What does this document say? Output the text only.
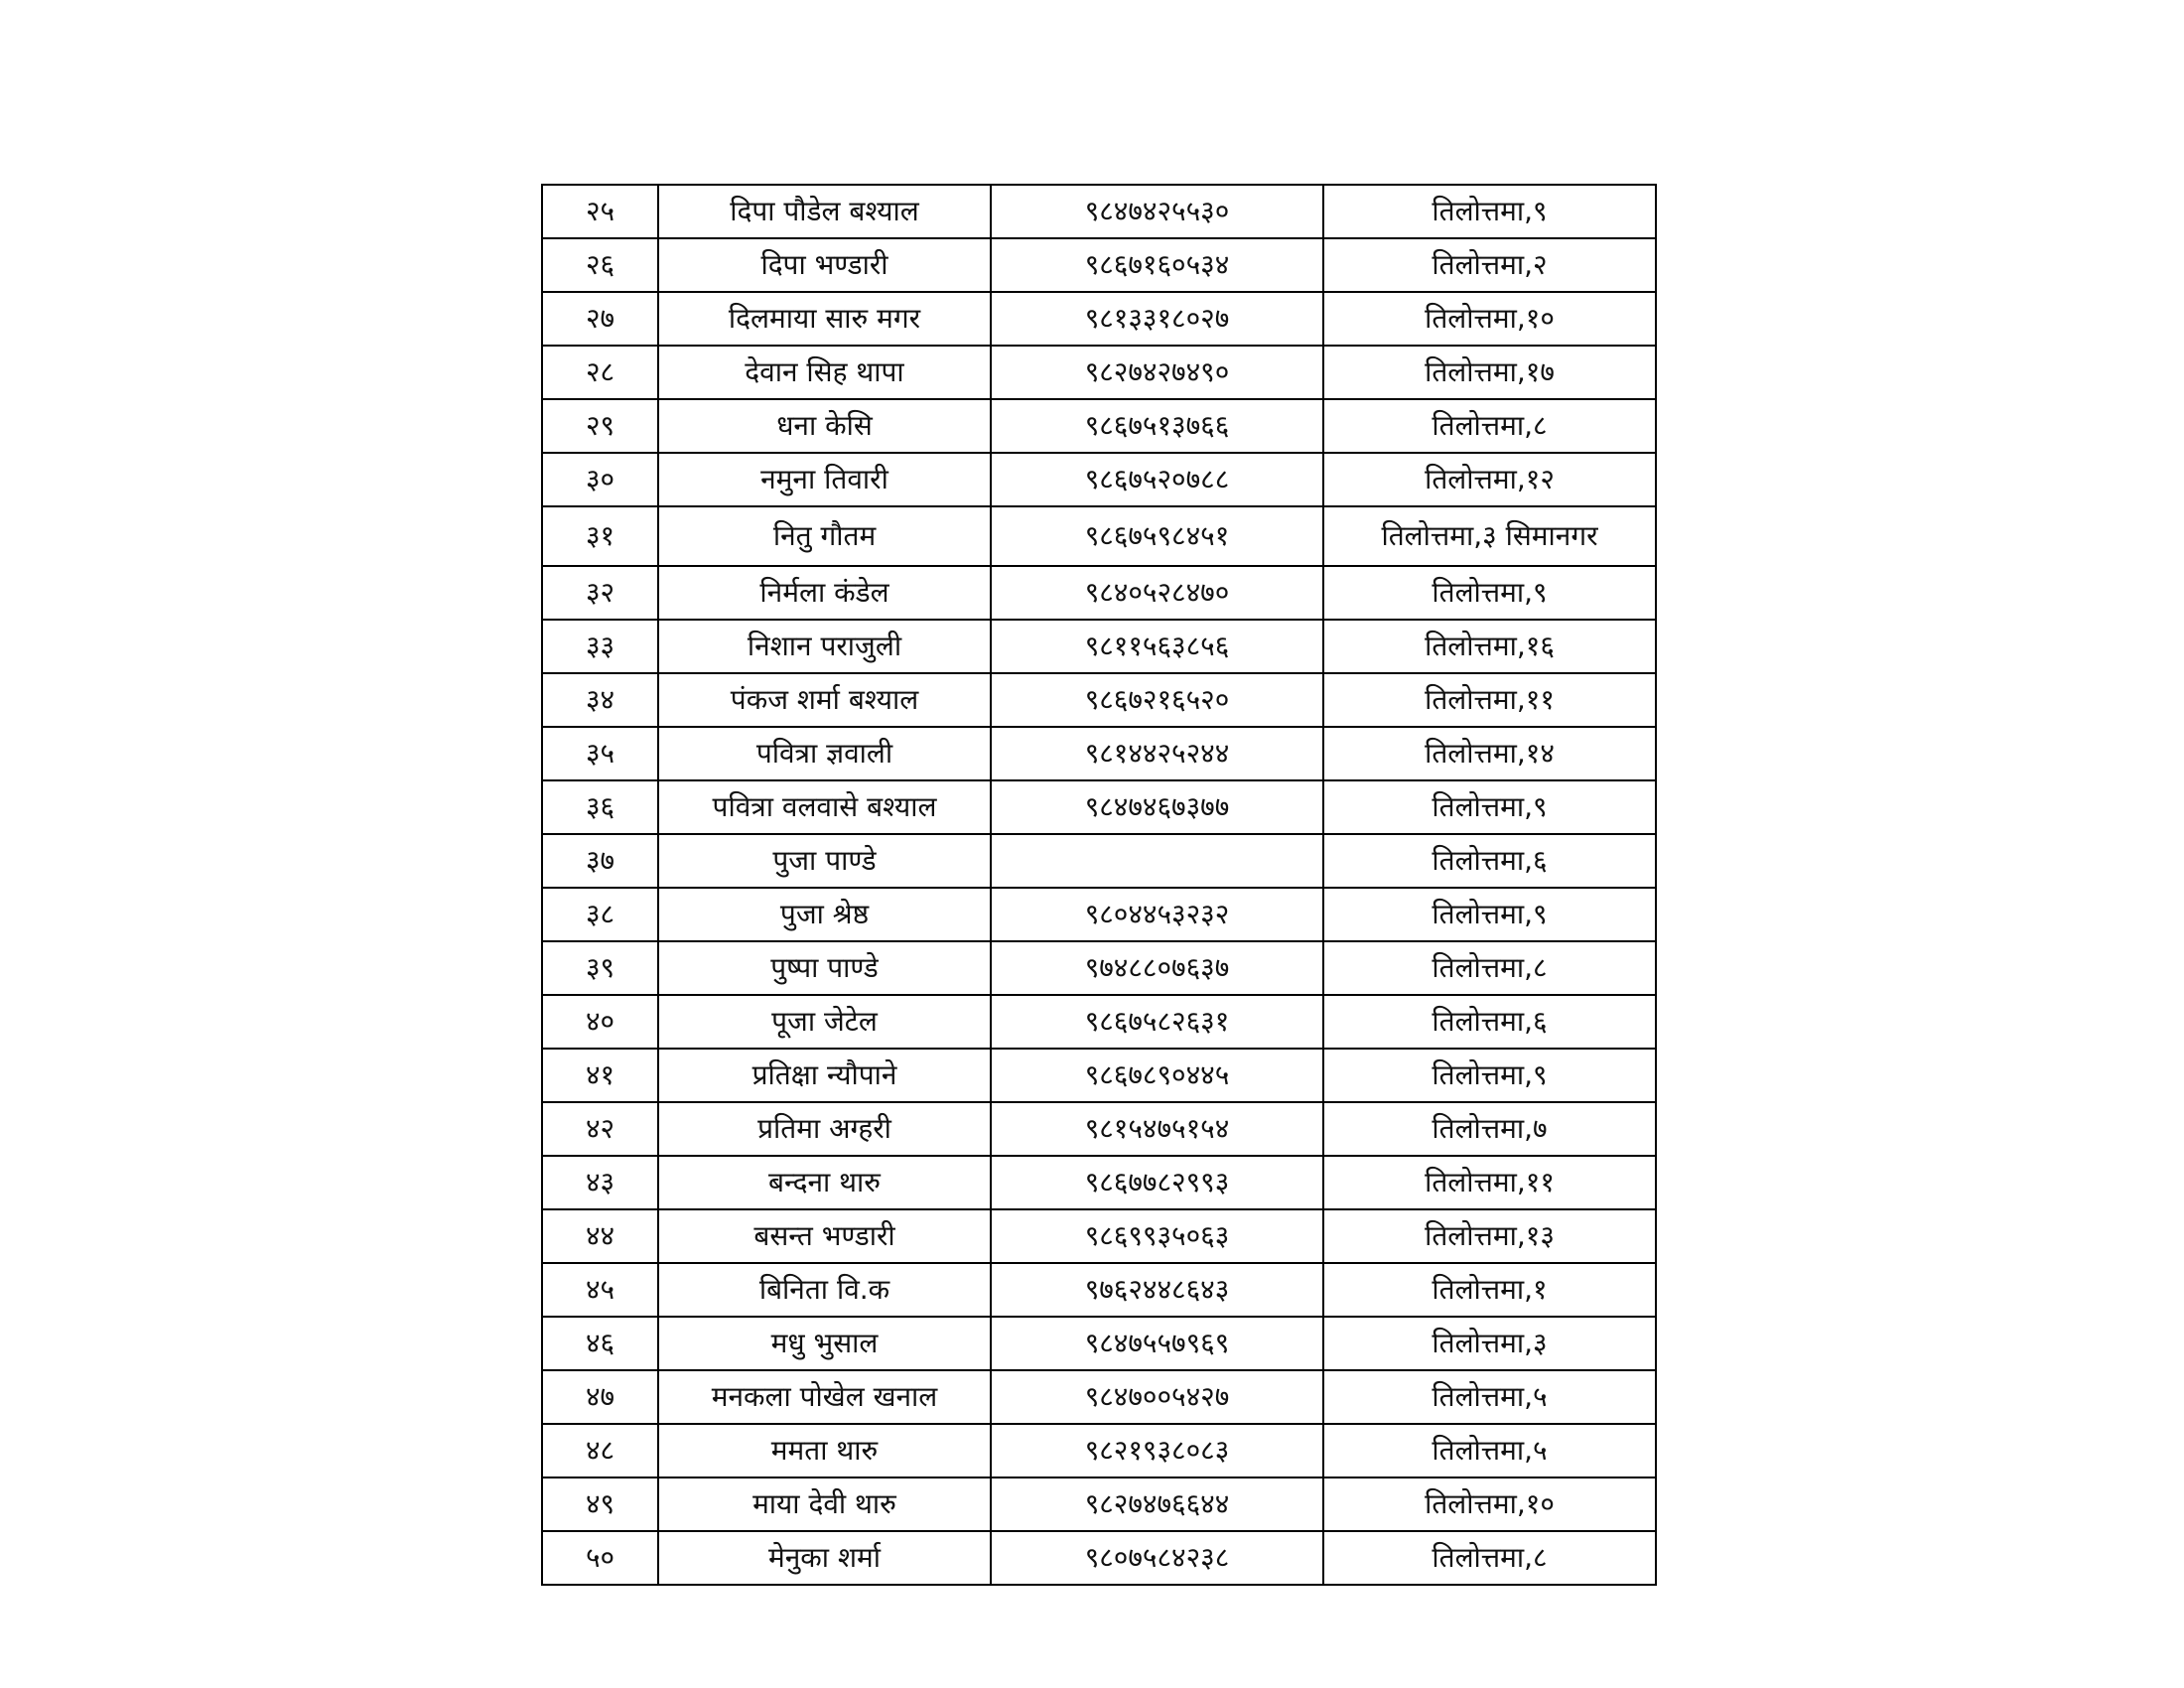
२५	दिपा पौडेल बश्याल	९८४७४२५५३०	तिलोत्तमा,९
२६	दिपा भण्डारी	९८६७१६०५३४	तिलोत्तमा,२
२७	दिलमाया सारु मगर	९८१३३१८०२७	तिलोत्तमा,१०
२८	देवान सिह थापा	९८२७४२७४९०	तिलोत्तमा,१७
२९	धना केसि	९८६७५१३७६६	तिलोत्तमा,८
३०	नमुना तिवारी	९८६७५२०७८८	तिलोत्तमा,१२
३१	नितु गौतम	९८६७५९८४५१	तिलोत्तमा,३ सिमानगर
३२	निर्मला कंडेल	९८४०५२८४७०	तिलोत्तमा,९
३३	निशान पराजुली	९८११५६३८५६	तिलोत्तमा,१६
३४	पंकज शर्मा बश्याल	९८६७२१६५२०	तिलोत्तमा,११
३५	पवित्रा ज्ञवाली	९८१४४२५२४४	तिलोत्तमा,१४
३६	पवित्रा वलवासे बश्याल	९८४७४६७३७७	तिलोत्तमा,९
३७	पुजा पाण्डे		तिलोत्तमा,६
३८	पुजा श्रेष्ठ	९८०४४५३२३२	तिलोत्तमा,९
३९	पुष्पा पाण्डे	९७४८८०७६३७	तिलोत्तमा,८
४०	पूजा जेटेल	९८६७५८२६३१	तिलोत्तमा,६
४१	प्रतिक्षा न्यौपाने	९८६७८९०४४५	तिलोत्तमा,९
४२	प्रतिमा अग्हरी	९८१५४७५१५४	तिलोत्तमा,७
४३	बन्दना थारु	९८६७७८२९९३	तिलोत्तमा,११
४४	बसन्त भण्डारी	९८६९९३५०६३	तिलोत्तमा,१३
४५	बिनिता वि.क	९७६२४४८६४३	तिलोत्तमा,१
४६	मधु भुसाल	९८४७५५७९६९	तिलोत्तमा,३
४७	मनकला पोखेल खनाल	९८४७००५४२७	तिलोत्तमा,५
४८	ममता थारु	९८२१९३८०८३	तिलोत्तमा,५
४९	माया देवी थारु	९८२७४७६६४४	तिलोत्तमा,१०
५०	मेनुका शर्मा	९८०७५८४२३८	तिलोत्तमा,८
